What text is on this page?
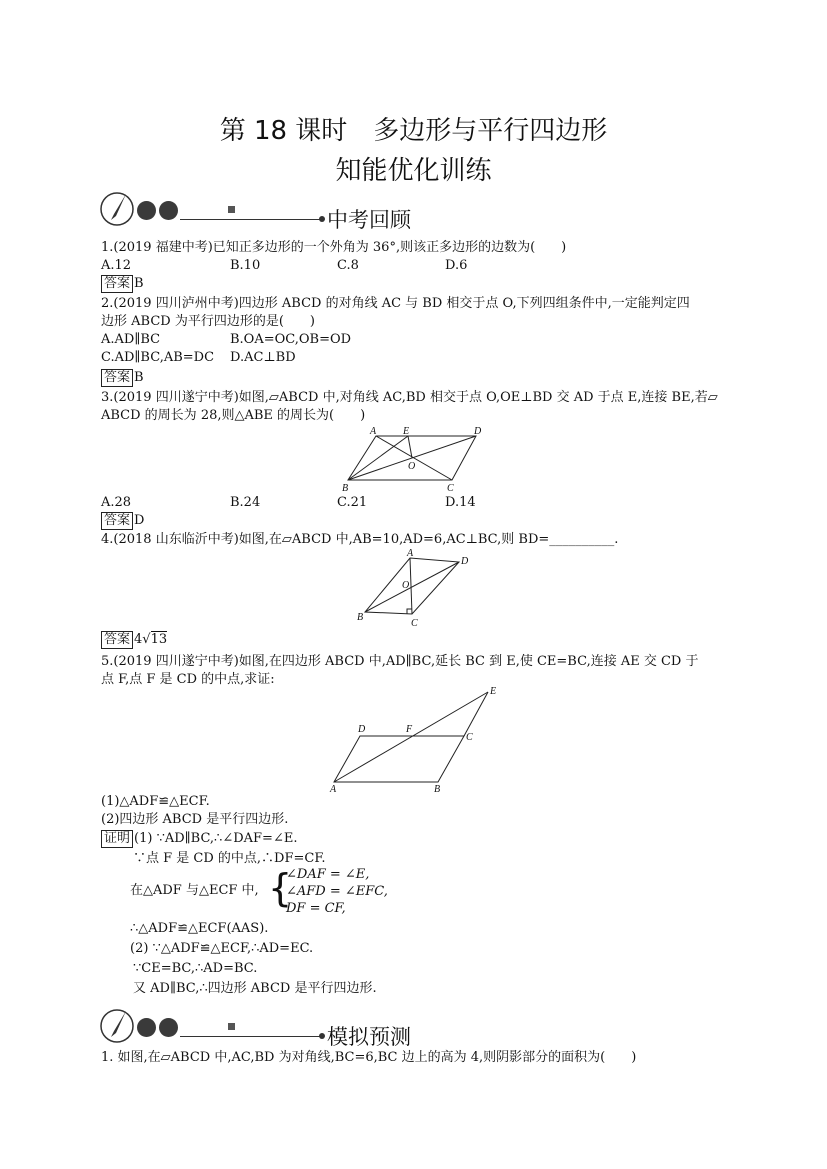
第 18 课时　多边形与平行四边形
知能优化训练
中考回顾
1.(2019 福建中考)已知正多边形的一个外角为 36°,则该正多边形的边数为(　　)
A.12	B.10	C.8	D.6
答案 B
2.(2019 四川泸州中考)四边形 ABCD 的对角线 AC 与 BD 相交于点 O,下列四组条件中,一定能判定四
边形 ABCD 为平行四边形的是(　　)
A.AD∥BC	B.OA=OC,OB=OD
C.AD∥BC,AB=DC D.AC⊥BD
答案 B
3.(2019 四川遂宁中考)如图,▱ABCD 中,对角线 AC,BD 相交于点 O,OE⊥BD 交 AD 于点 E,连接 BE,若▱
ABCD 的周长为 28,则△ABE 的周长为(　　)
A	E	D
O
B	C
A.28	B.24	C.21	D.14
答案 D
4.(2018 山东临沂中考)如图,在▱ABCD 中,AB=10,AD=6,AC⊥BC,则 BD=__________.
A
D
O
B
C
答案 4√13
5.(2019 四川遂宁中考)如图,在四边形 ABCD 中,AD∥BC,延长 BC 到 E,使 CE=BC,连接 AE 交 CD 于
点 F,点 F 是 CD 的中点,求证:
E
D	F
C
A	B
(1)△ADF≌△ECF.
(2)四边形 ABCD 是平行四边形.
证明 (1) ∵AD∥BC,∴∠DAF=∠E.
∵点 F 是 CD 的中点,∴DF=CF.
在△ADF 与△ECF 中, {
∠DAF = ∠E,
∠AFD = ∠EFC,
DF = CF,
∴△ADF≌△ECF(AAS).
(2) ∵△ADF≌△ECF,∴AD=EC.
∵CE=BC,∴AD=BC.
又 AD∥BC,∴四边形 ABCD 是平行四边形.
模拟预测
1. 如图,在▱ABCD 中,AC,BD 为对角线,BC=6,BC 边上的高为 4,则阴影部分的面积为(　　)
